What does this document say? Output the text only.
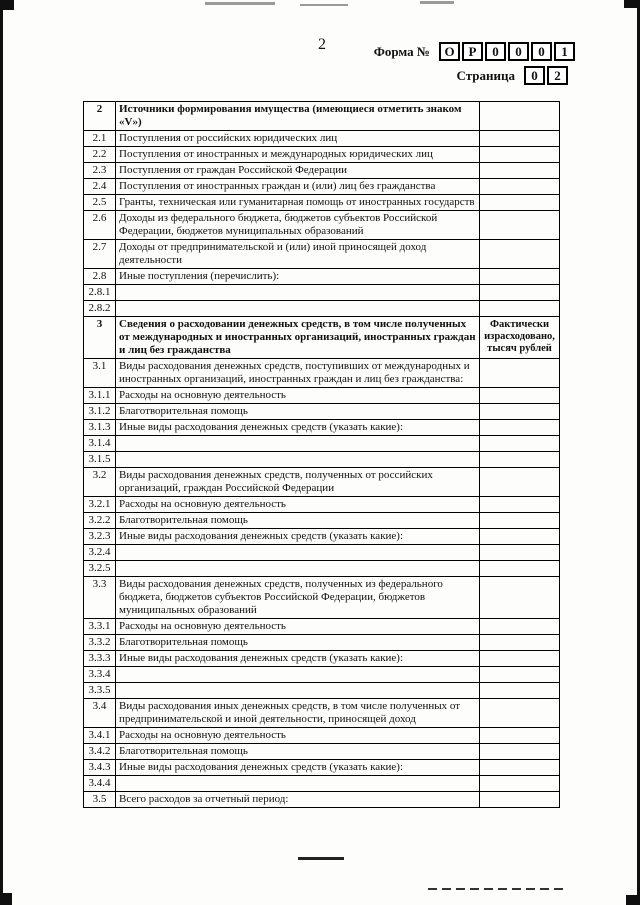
2	Форма №	О	Р	0	0	0	1
Страница	0	2
2	Источники формирования имущества (имеющиеся отметить знаком «V»)	
2.1	Поступления от российских юридических лиц	
2.2	Поступления от иностранных и международных юридических лиц	
2.3	Поступления от граждан Российской Федерации	
2.4	Поступления от иностранных граждан и (или) лиц без гражданства	
2.5	Гранты, техническая или гуманитарная помощь от иностранных государств	
2.6	Доходы из федерального бюджета, бюджетов субъектов Российской Федерации, бюджетов муниципальных образований	
2.7	Доходы от предпринимательской и (или) иной приносящей доход деятельности	
2.8	Иные поступления (перечислить):	
2.8.1		
2.8.2		
3	Сведения о расходовании денежных средств, в том числе полученных от международных и иностранных организаций, иностранных граждан и лиц без гражданства	Фактически израсходовано, тысяч рублей
3.1	Виды расходования денежных средств, поступивших от международных и иностранных организаций, иностранных граждан и лиц без гражданства:	
3.1.1	Расходы на основную деятельность	
3.1.2	Благотворительная помощь	
3.1.3	Иные виды расходования денежных средств (указать какие):	
3.1.4		
3.1.5		
3.2	Виды расходования денежных средств, полученных от российских организаций, граждан Российской Федерации	
3.2.1	Расходы на основную деятельность	
3.2.2	Благотворительная помощь	
3.2.3	Иные виды расходования денежных средств (указать какие):	
3.2.4		
3.2.5		
3.3	Виды расходования денежных средств, полученных из федерального бюджета, бюджетов субъектов Российской Федерации, бюджетов муниципальных образований	
3.3.1	Расходы на основную деятельность	
3.3.2	Благотворительная помощь	
3.3.3	Иные виды расходования денежных средств (указать какие):	
3.3.4		
3.3.5		
3.4	Виды расходования иных денежных средств, в том числе полученных от предпринимательской и иной деятельности, приносящей доход	
3.4.1	Расходы на основную деятельность	
3.4.2	Благотворительная помощь	
3.4.3	Иные виды расходования денежных средств (указать какие):	
3.4.4		
3.5	Всего расходов за отчетный период:	
